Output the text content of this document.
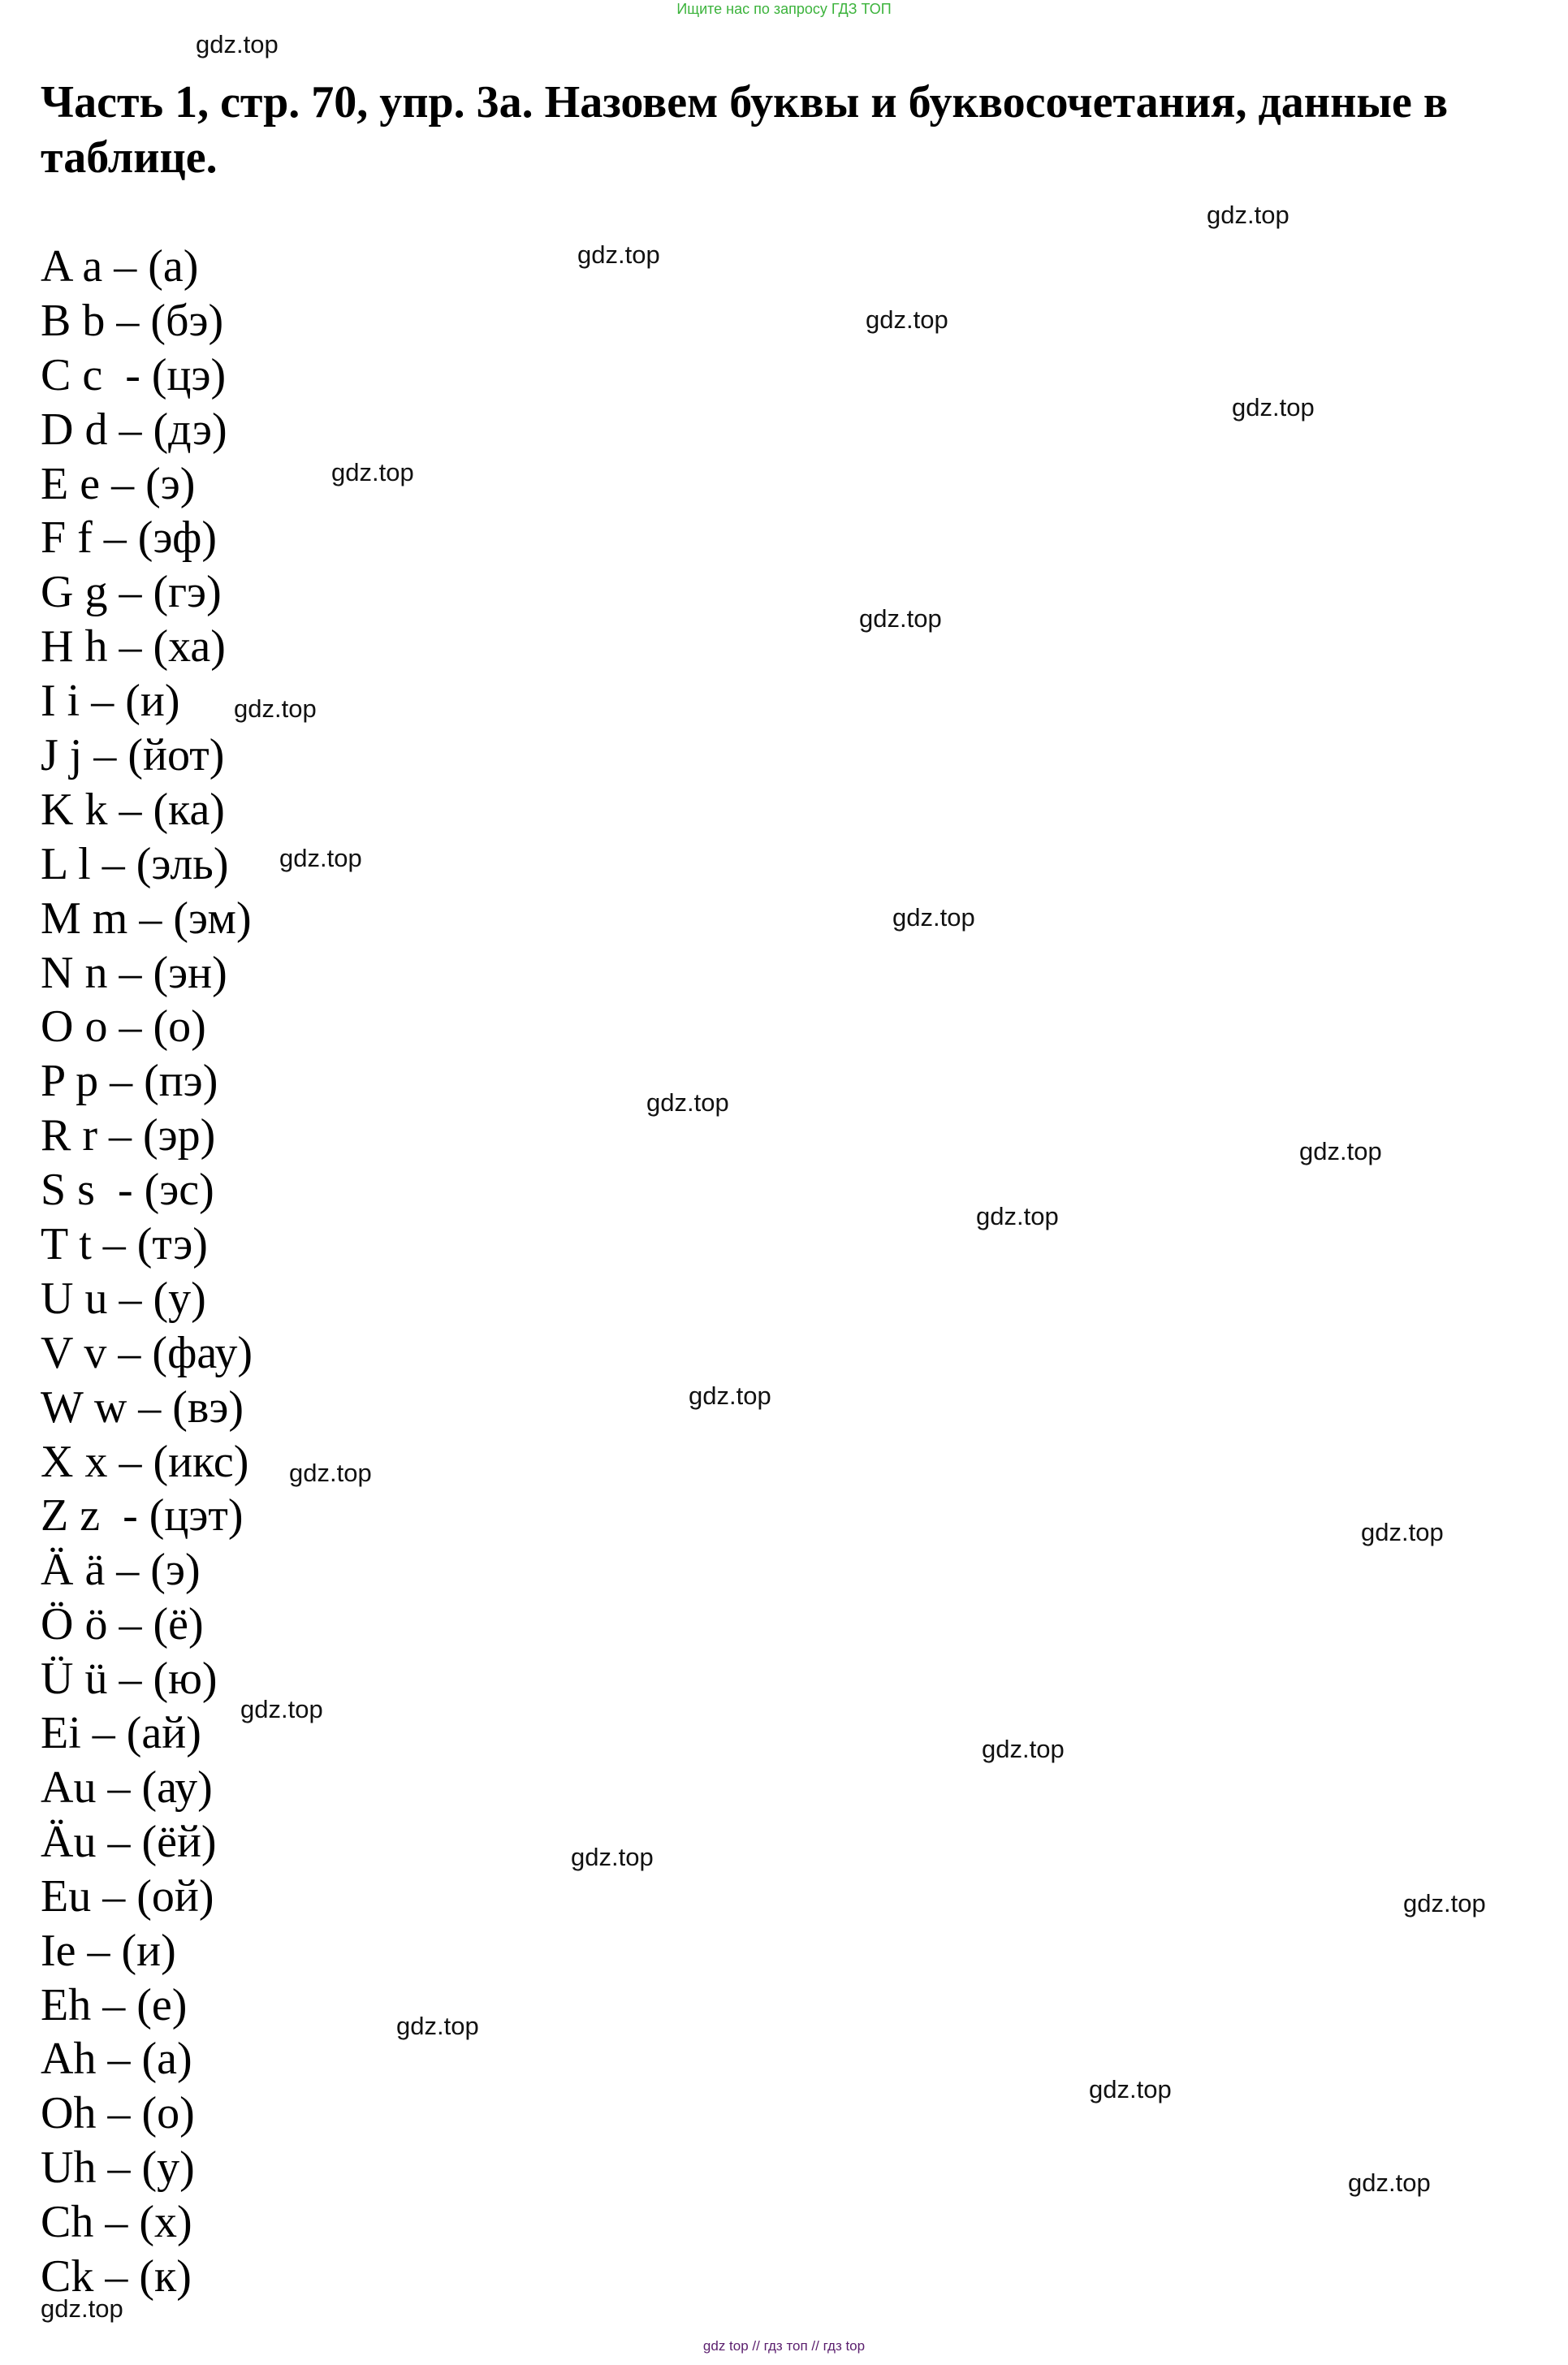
Ищите нас по запросу ГДЗ ТОП
Часть 1, стр. 70, упр. 3а. Назовем буквы и буквосочетания, данные в таблице.
A a – (а)
B b – (бэ)
C c  - (цэ)
D d – (дэ)
E e – (э)
F f – (эф)
G g – (гэ)
H h – (ха)
I i – (и)
J j – (йот)
K k – (ка)
L l – (эль)
M m – (эм)
N n – (эн)
O o – (о)
P p – (пэ)
R r – (эр)
S s  - (эс)
T t – (тэ)
U u – (у)
V v – (фау)
W w – (вэ)
X x – (икс)
Z z  - (цэт)
Ä ä – (э)
Ö ö – (ё)
Ü ü – (ю)
Ei – (ай)
Au – (ау)
Äu – (ёй)
Eu – (ой)
Ie – (и)
Eh – (е)
Ah – (а)
Oh – (о)
Uh – (у)
Ch – (х)
Ck – (к)
gdz.top
gdz.top
gdz.top
gdz.top
gdz.top
gdz.top
gdz.top
gdz.top
gdz.top
gdz.top
gdz.top
gdz.top
gdz.top
gdz.top
gdz.top
gdz.top
gdz.top
gdz.top
gdz.top
gdz.top
gdz.top
gdz.top
gdz.top
gdz.top
gdz top // гдз топ // гдз top
